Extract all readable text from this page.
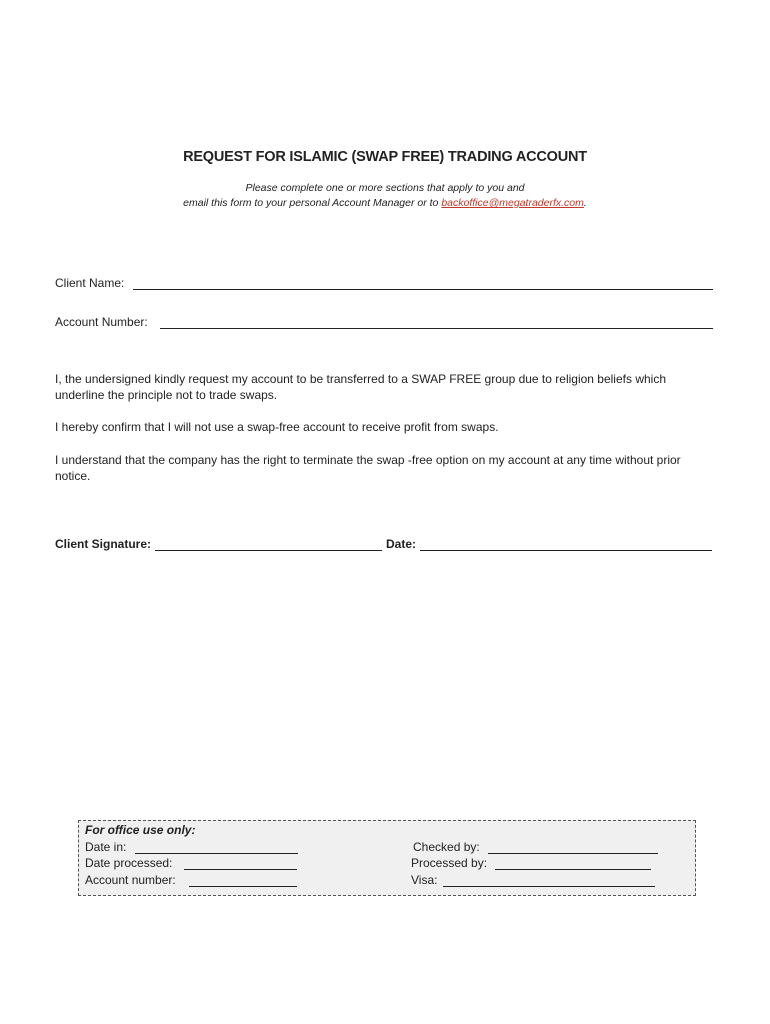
REQUEST FOR ISLAMIC (SWAP FREE) TRADING ACCOUNT
Please complete one or more sections that apply to you and
email this form to your personal Account Manager or to backoffice@megatraderfx.com.
Client Name:
Account Number:
I, the undersigned kindly request my account to be transferred to a SWAP FREE group due to religion beliefs which underline the principle not to trade swaps.
I hereby confirm that I will not use a swap-free account to receive profit from swaps.
I understand that the company has the right to terminate the swap -free option on my account at any time without prior notice.
Client Signature:	Date:
For office use only:
Date in:
Date processed:
Account number:
Checked by:
Processed by:
Visa:
